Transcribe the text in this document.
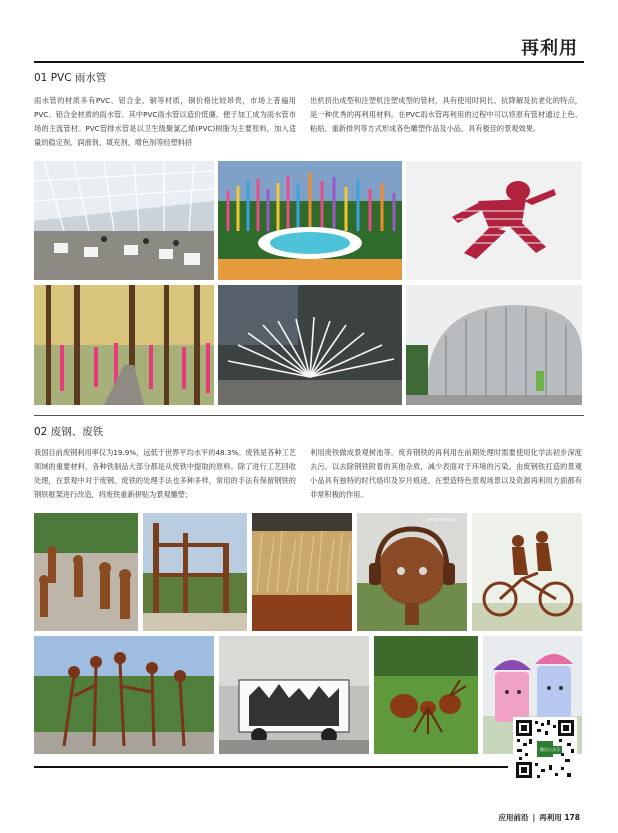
再利用
01 PVC 雨水管

雨水管的材质多有PVC、铝合金、铜等材质，铜价格比较昂贵，市场上普遍用PVC、铝合金材质的雨水管。其中PVC雨水管以造价低廉、便于加工成为雨水管市场的主流管材。PVC管排水管是以卫生级聚氯乙烯(PVC)树脂为主要原料，加入适量的稳定剂、润滑剂、填充剂、增色剂等经塑料挤

出机挤出成型和注塑机注塑成型的管材，具有使用时间长、抗降解及抗老化的特点，是一种优秀的再利用材料。在PVC雨水管再利用的过程中可以将原有管材通过上色、粘贴、重新排列等方式形成各色雕塑作品及小品，具有极佳的景观效果。

02 废钢、废铁

我国目前废钢利用率仅为19.9%，远低于世界平均水平的48.3%。废铁是各种工艺领域的重要材料，各种铁制品大部分都是从废铁中提取的原料。除了进行工艺回收处理，在景观中对于废钢、废铁的处理手法也多种多样，常用的手法有保留钢铁的钢铁框架进行改造，将废铁重新拼贴为景观雕塑；

利用废铁做成景观树池等。废弃钢铁的再利用在前期处理时需要使用化学法初步深度去污，以去除钢铁附着的其他杂质，减少表面对于环境的污染。由废钢铁打造的景观小品具有独特的时代烙印及岁月痕迹，在塑造特色景观场景以及资源再利用方面都有非常积极的作用。

photo by kaga
微信公众号
应用前沿 | 再利用 178
